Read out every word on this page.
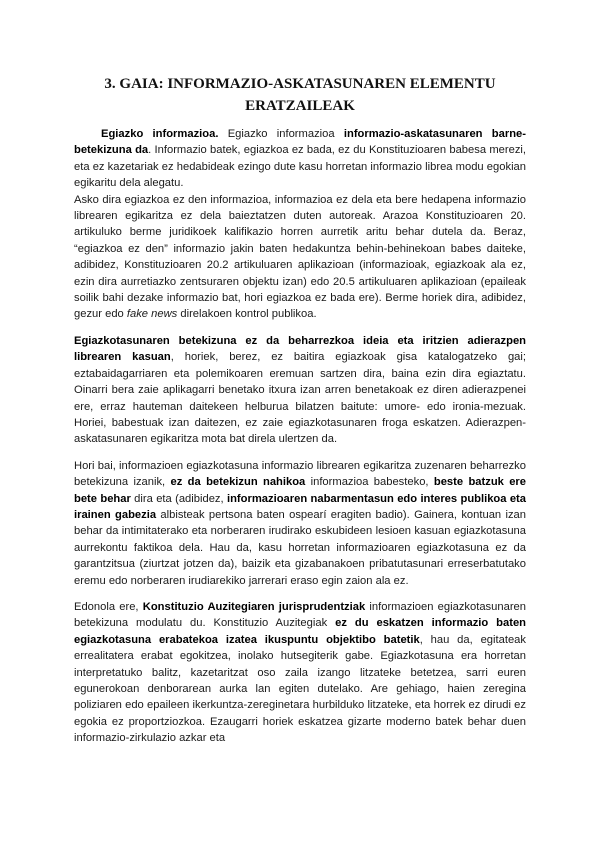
3. GAIA: INFORMAZIO-ASKATASUNAREN ELEMENTU ERATZAILEAK

Egiazko informazioa. Egiazko informazioa informazio-askatasunaren barne-betekizuna da. Informazio batek, egiazkoa ez bada, ez du Konstituzioaren babesa merezi, eta ez kazetariak ez hedabideak ezingo dute kasu horretan informazio librea modu egokian egikaritu dela alegatu.

Asko dira egiazkoa ez den informazioa, informazioa ez dela eta bere hedapena informazio librearen egikaritza ez dela baieztatzen duten autoreak. Arazoa Konstituzioaren 20. artikuluko berme juridikoek kalifikazio horren aurretik aritu behar dutela da. Beraz, “egiazkoa ez den” informazio jakin baten hedakuntza behin-behinekoan babes daiteke, adibidez, Konstituzioaren 20.2 artikuluaren aplikazioan (informazioak, egiazkoak ala ez, ezin dira aurretiazko zentsuraren objektu izan) edo 20.5 artikuluaren aplikazioan (epaileak soilik bahi dezake informazio bat, hori egiazkoa ez bada ere). Berme horiek dira, adibidez, gezur edo fake news direlakoen kontrol publikoa.

Egiazkotasunaren betekizuna ez da beharrezkoa ideia eta iritzien adierazpen librearen kasuan, horiek, berez, ez baitira egiazkoak gisa katalogatzeko gai; eztabaidagarriaren eta polemikoaren eremuan sartzen dira, baina ezin dira egiaztatu. Oinarri bera zaie aplikagarri benetako itxura izan arren benetakoak ez diren adierazpenei ere, erraz hauteman daitekeen helburua bilatzen baitute: umore- edo ironia-mezuak. Horiei, babestuak izan daitezen, ez zaie egiazkotasunaren froga eskatzen. Adierazpen-askatasunaren egikaritza mota bat direla ulertzen da.

Hori bai, informazioen egiazkotasuna informazio librearen egikaritza zuzenaren beharrezko betekizuna izanik, ez da betekizun nahikoa informazioa babesteko, beste batzuk ere bete behar dira eta (adibidez, informazioaren nabarmentasun edo interes publikoa eta irainen gabezia albisteak pertsona baten ospearí eragiten badio). Gainera, kontuan izan behar da intimitaterako eta norberaren irudirako eskubideen lesioen kasuan egiazkotasuna aurrekontu faktikoa dela. Hau da, kasu horretan informazioaren egiazkotasuna ez da garantzitsua (ziurtzat jotzen da), baizik eta gizabanakoen pribatutasunari erreserbatutako eremu edo norberaren irudiarekiko jarrerari eraso egin zaion ala ez.

Edonola ere, Konstituzio Auzitegiaren jurisprudentziak informazioen egiazkotasunaren betekizuna modulatu du. Konstituzio Auzitegiak ez du eskatzen informazio baten egiazkotasuna erabatekoa izatea ikuspuntu objektibo batetik, hau da, egitateak errealitatera erabat egokitzea, inolako hutsegiterik gabe. Egiazkotasuna era horretan interpretatuko balitz, kazetaritzat oso zaila izango litzateke betetzea, sarri euren egunerokoan denborarean aurka lan egiten dutelako. Are gehiago, haien zeregina poliziaren edo epaileen ikerkuntza-zereginetara hurbilduko litzateke, eta horrek ez dirudi ez egokia ez proportziozkoa. Ezaugarri horiek eskatzea gizarte moderno batek behar duen informazio-zirkulazio azkar eta
